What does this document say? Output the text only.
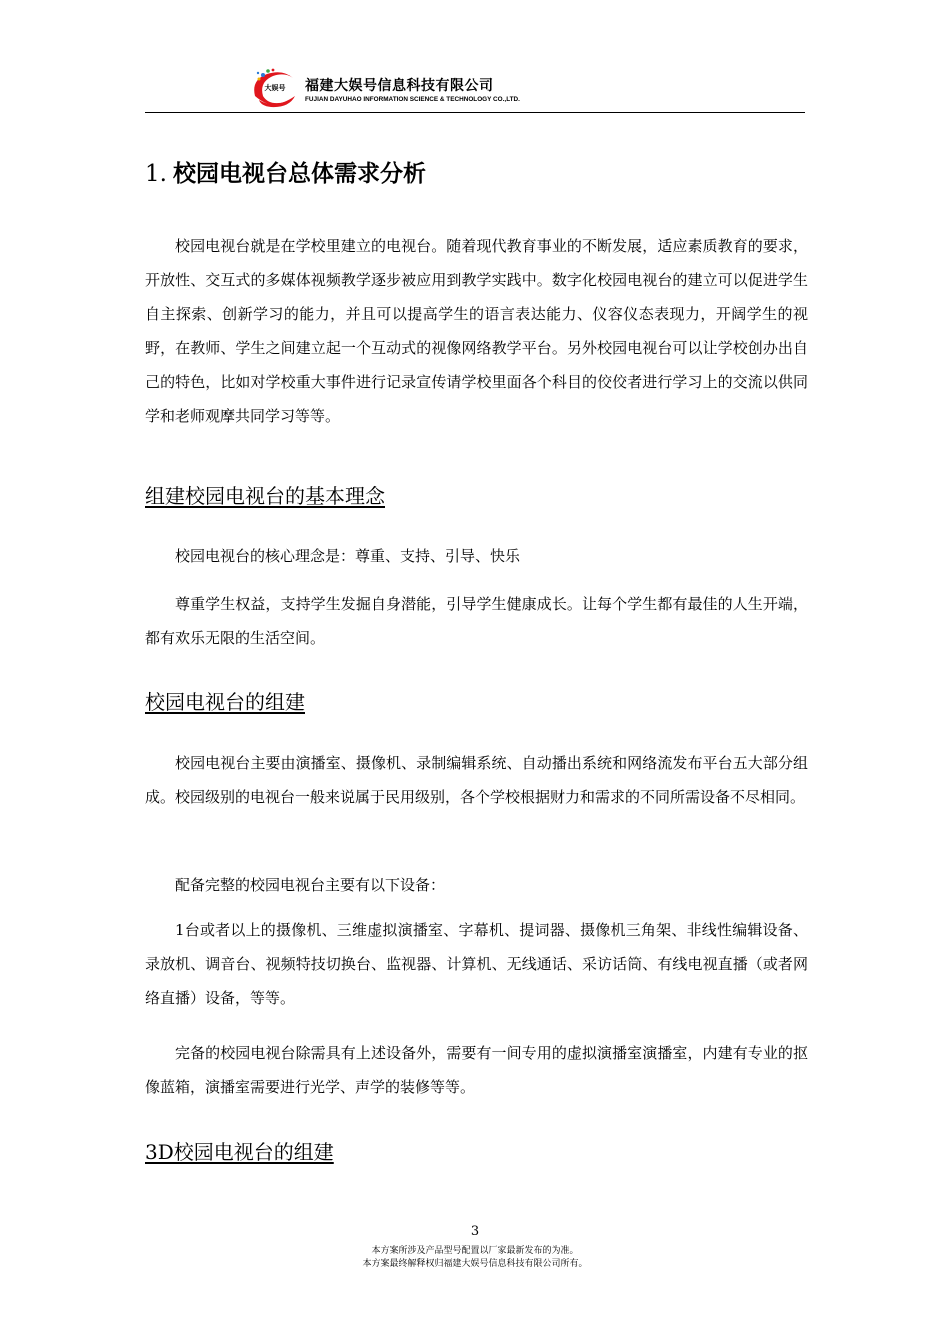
大娱号 福建大娱号信息科技有限公司
FUJIAN DAYUHAO INFORMATION SCIENCE & TECHNOLOGY CO.,LTD.
1. 校园电视台总体需求分析

校园电视台就是在学校里建立的电视台。随着现代教育事业的不断发展，适应素质教育的要求，开放性、交互式的多媒体视频教学逐步被应用到教学实践中。数字化校园电视台的建立可以促进学生自主探索、创新学习的能力，并且可以提高学生的语言表达能力、仪容仪态表现力，开阔学生的视野，在教师、学生之间建立起一个互动式的视像网络教学平台。另外校园电视台可以让学校创办出自己的特色，比如对学校重大事件进行记录宣传请学校里面各个科目的佼佼者进行学习上的交流以供同学和老师观摩共同学习等等。

组建校园电视台的基本理念

校园电视台的核心理念是：尊重、支持、引导、快乐

尊重学生权益，支持学生发掘自身潜能，引导学生健康成长。让每个学生都有最佳的人生开端，都有欢乐无限的生活空间。

校园电视台的组建

校园电视台主要由演播室、摄像机、录制编辑系统、自动播出系统和网络流发布平台五大部分组成。校园级别的电视台一般来说属于民用级别，各个学校根据财力和需求的不同所需设备不尽相同。

配备完整的校园电视台主要有以下设备：

1台或者以上的摄像机、三维虚拟演播室、字幕机、提词器、摄像机三角架、非线性编辑设备、录放机、调音台、视频特技切换台、监视器、计算机、无线通话、采访话筒、有线电视直播（或者网络直播）设备，等等。

完备的校园电视台除需具有上述设备外，需要有一间专用的虚拟演播室演播室，内建有专业的抠像蓝箱，演播室需要进行光学、声学的装修等等。

3D校园电视台的组建
3
本方案所涉及产品型号配置以厂家最新发布的为准。
本方案最终解释权归福建大娱号信息科技有限公司所有。
